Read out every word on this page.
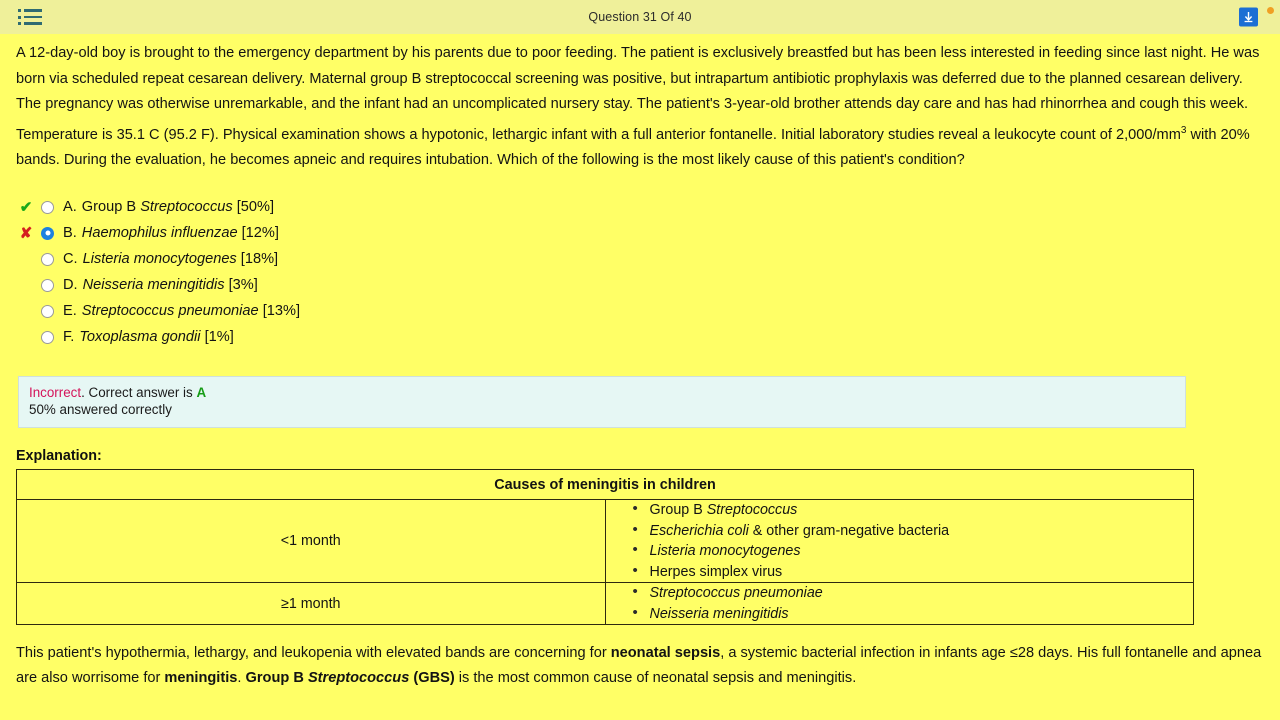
Question 31 Of 40

A 12-day-old boy is brought to the emergency department by his parents due to poor feeding. The patient is exclusively breastfed but has been less interested in feeding since last night. He was born via scheduled repeat cesarean delivery. Maternal group B streptococcal screening was positive, but intrapartum antibiotic prophylaxis was deferred due to the planned cesarean delivery. The pregnancy was otherwise unremarkable, and the infant had an uncomplicated nursery stay. The patient's 3-year-old brother attends day care and has had rhinorrhea and cough this week. Temperature is 35.1 C (95.2 F). Physical examination shows a hypotonic, lethargic infant with a full anterior fontanelle. Initial laboratory studies reveal a leukocyte count of $2,000/mm^3$ with 20% bands. During the evaluation, he becomes apneic and requires intubation. Which of the following is the most likely cause of this patient's condition?

✔ A. Group B Streptococcus [50%]
✘ B. Haemophilus influenzae [12%]
C. Listeria monocytogenes [18%]
D. Neisseria meningitidis [3%]
E. Streptococcus pneumoniae [13%]
F. Toxoplasma gondii [1%]
Incorrect. Correct answer is A
50% answered correctly
Explanation:
Causes of meningitis in children	
<1 month	
• Group B Streptococcus
• Escherichia coli & other gram-negative bacteria
• Listeria monocytogenes
• Herpes simplex virus

≥1 month	
• Streptococcus pneumoniae
• Neisseria meningitidis

This patient's hypothermia, lethargy, and leukopenia with elevated bands are concerning for neonatal sepsis, a systemic bacterial infection in infants age ≤28 days. His full fontanelle and apnea are also worrisome for meningitis. Group B Streptococcus (GBS) is the most common cause of neonatal sepsis and meningitis.
